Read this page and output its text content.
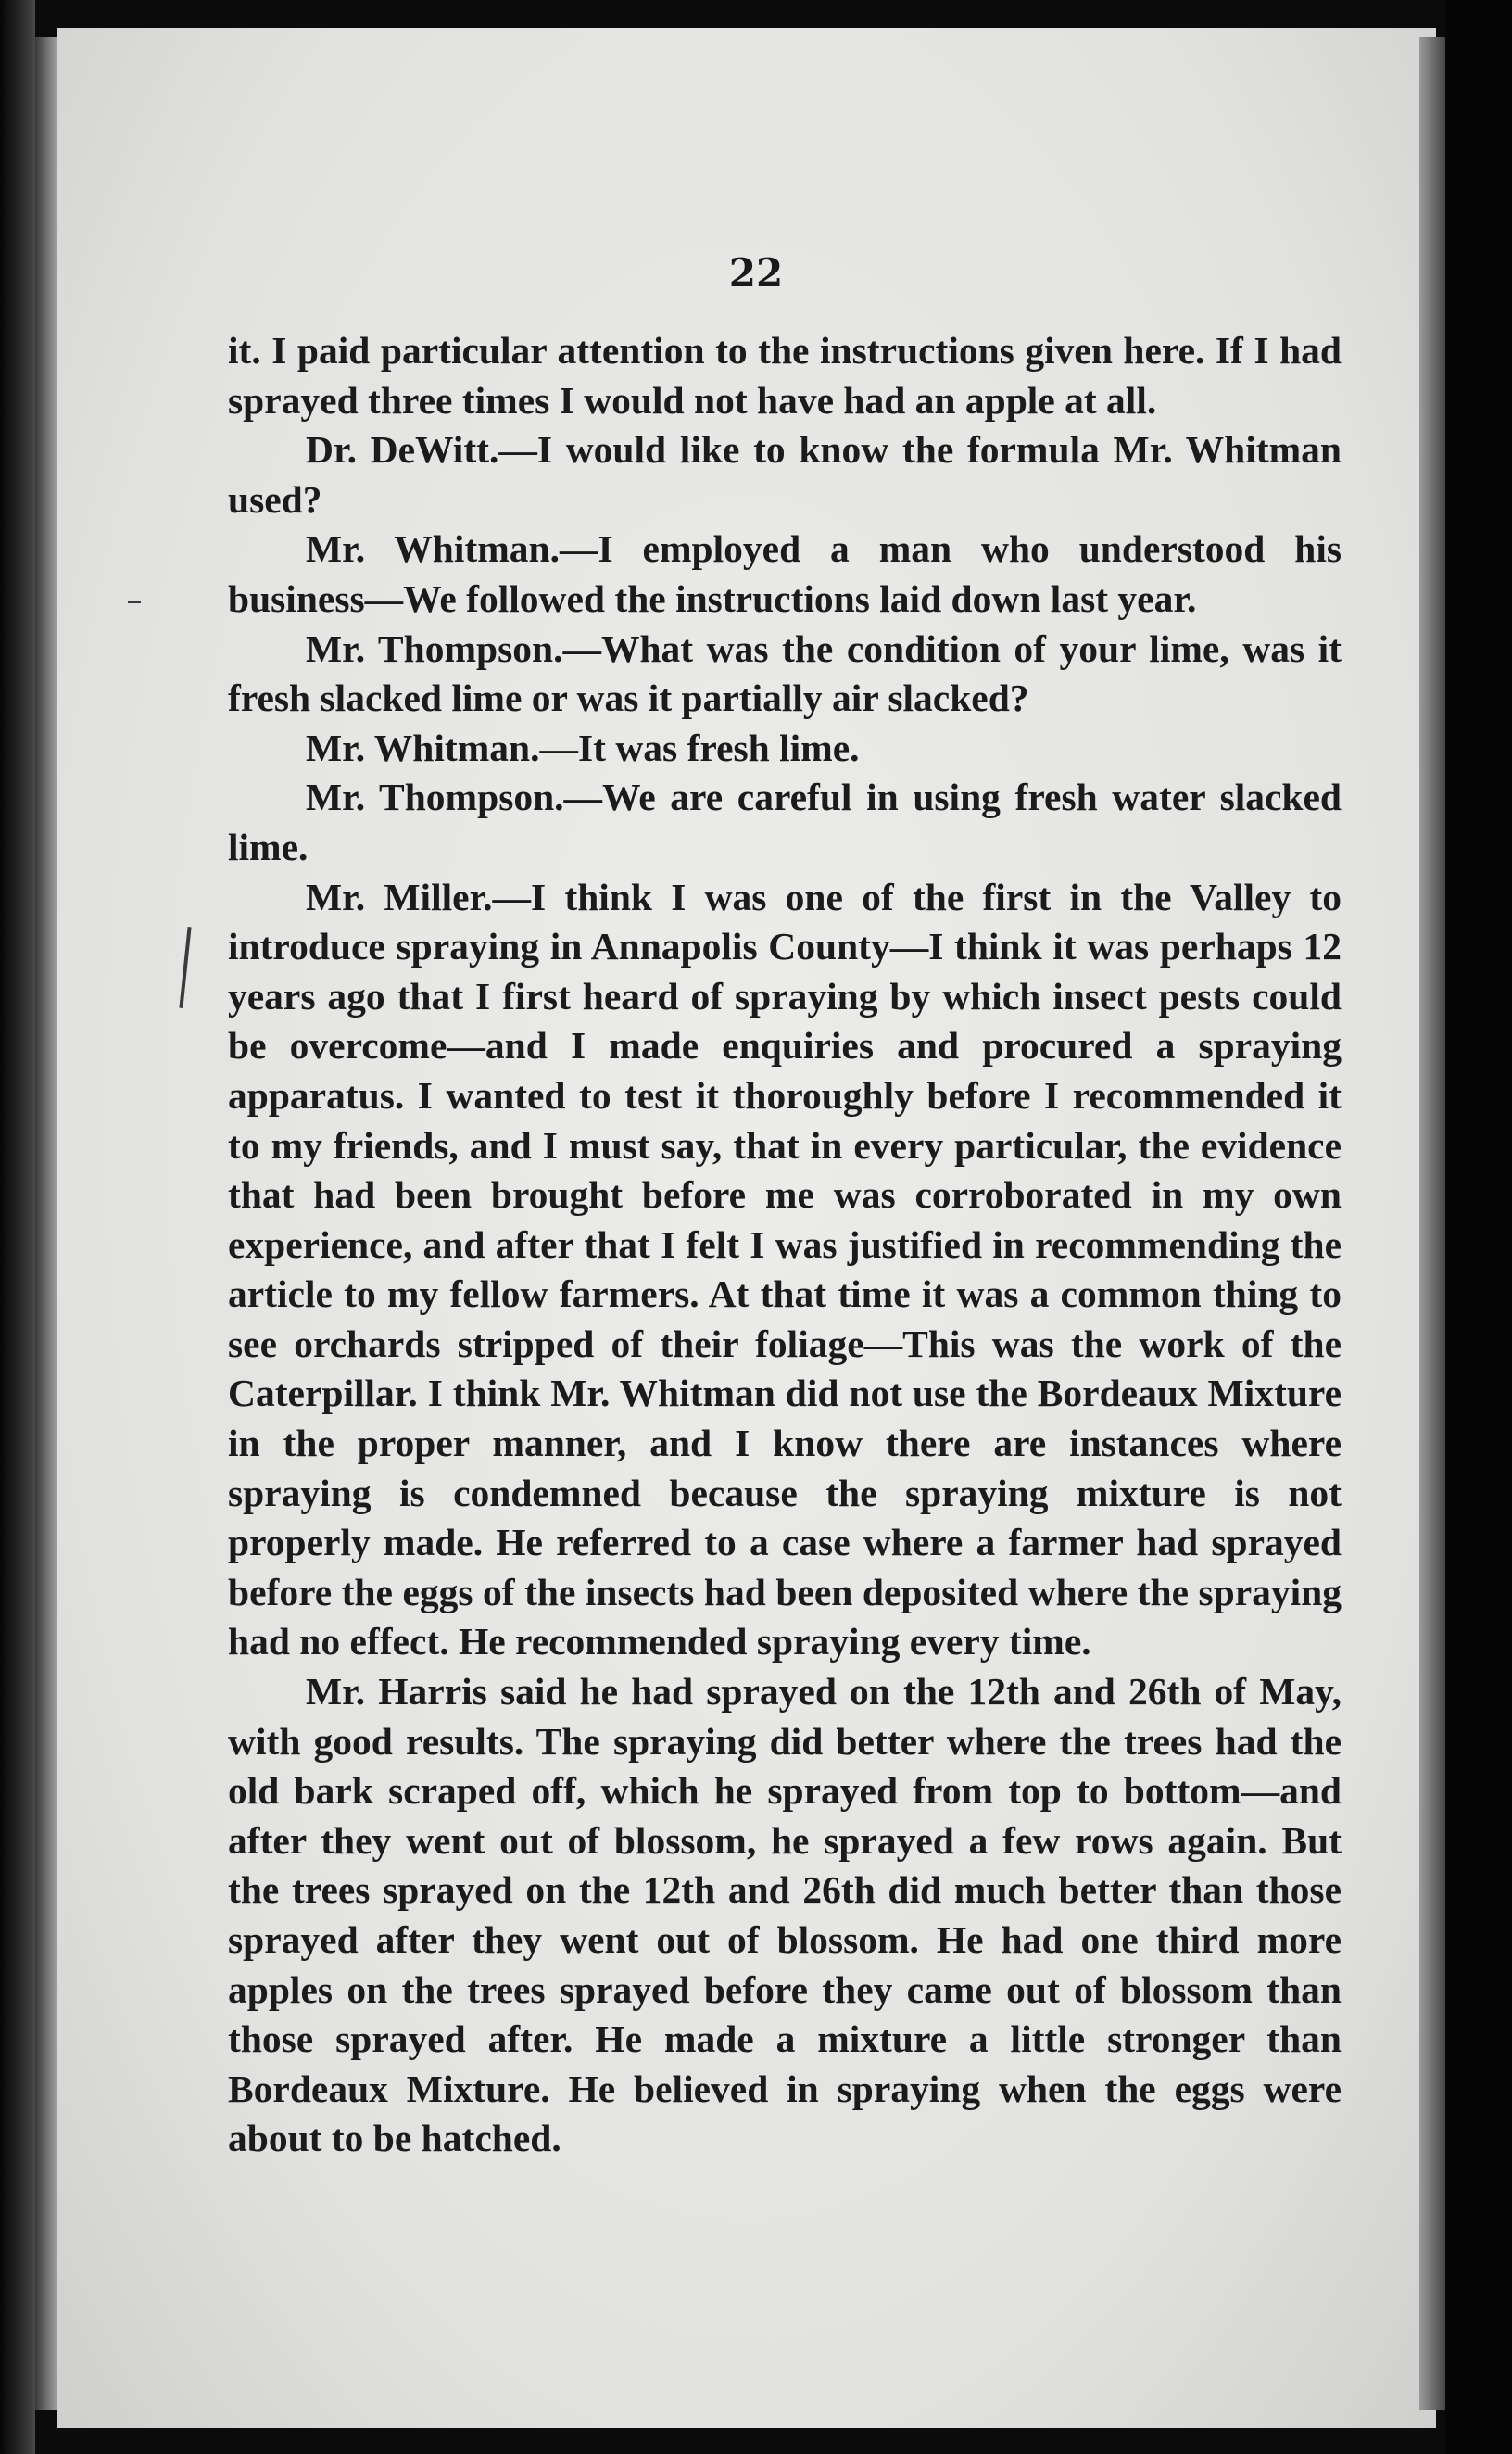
22

it. I paid particular attention to the instructions given here. If I had sprayed three times I would not have had an apple at all.

Dr. DeWitt.—I would like to know the formula Mr. Whitman used?

Mr. Whitman.—I employed a man who understood his business—We followed the instructions laid down last year.

Mr. Thompson.—What was the condition of your lime, was it fresh slacked lime or was it partially air slacked?

Mr. Whitman.—It was fresh lime.

Mr. Thompson.—We are careful in using fresh water slacked lime.

Mr. Miller.—I think I was one of the first in the Valley to introduce spraying in Annapolis County—I think it was perhaps 12 years ago that I first heard of spraying by which insect pests could be overcome—and I made enquiries and procured a spraying apparatus. I wanted to test it thoroughly before I recommended it to my friends, and I must say, that in every particular, the evidence that had been brought before me was corroborated in my own experience, and after that I felt I was justified in recommending the article to my fellow farmers. At that time it was a common thing to see orchards stripped of their foliage—This was the work of the Caterpillar. I think Mr. Whitman did not use the Bordeaux Mixture in the proper manner, and I know there are instances where spraying is condemned because the spraying mixture is not properly made. He referred to a case where a farmer had sprayed before the eggs of the insects had been deposited where the spraying had no effect. He recommended spraying every time.

Mr. Harris said he had sprayed on the 12th and 26th of May, with good results. The spraying did better where the trees had the old bark scraped off, which he sprayed from top to bottom—and after they went out of blossom, he sprayed a few rows again. But the trees sprayed on the 12th and 26th did much better than those sprayed after they went out of blossom. He had one third more apples on the trees sprayed before they came out of blossom than those sprayed after. He made a mixture a little stronger than Bordeaux Mixture. He believed in spraying when the eggs were about to be hatched.
